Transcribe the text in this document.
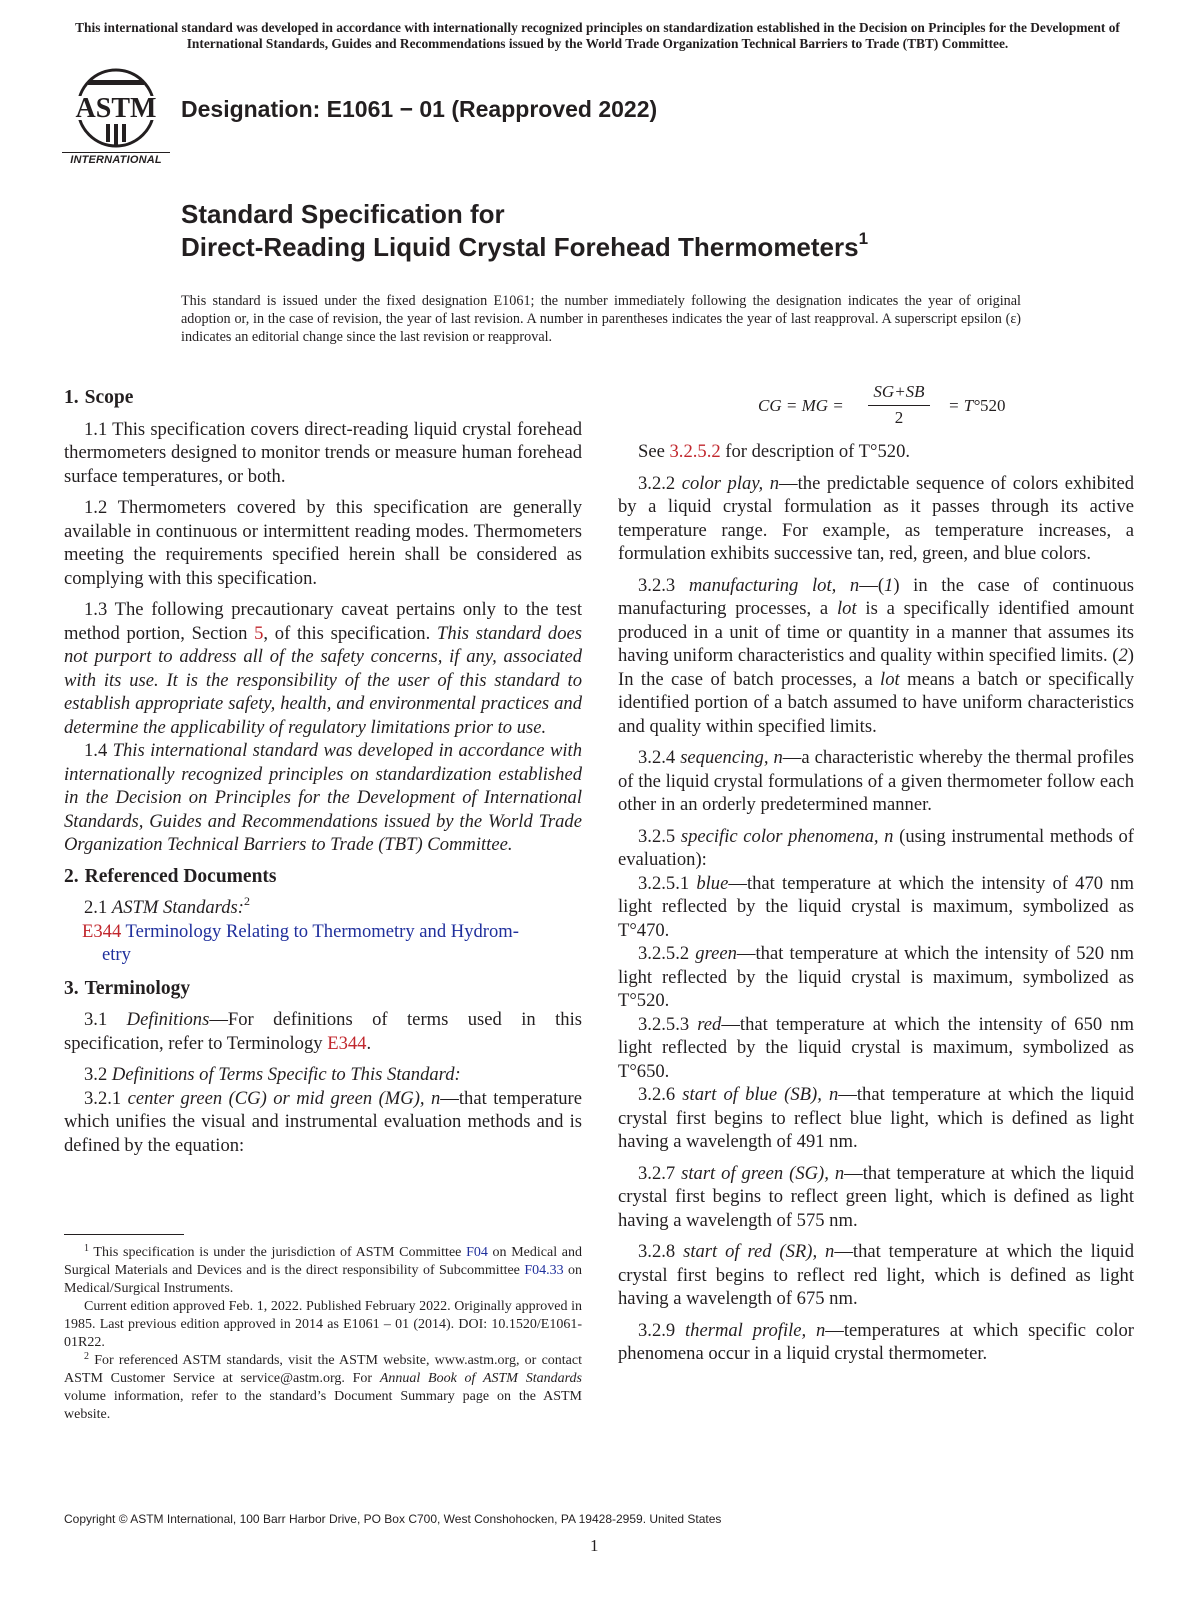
This international standard was developed in accordance with internationally recognized principles on standardization established in the Decision on Principles for the Development of International Standards, Guides and Recommendations issued by the World Trade Organization Technical Barriers to Trade (TBT) Committee.
ASTM
INTERNATIONAL
Designation: E1061 − 01 (Reapproved 2022)
Standard Specification for
Direct-Reading Liquid Crystal Forehead Thermometers$^1$
This standard is issued under the fixed designation E1061; the number immediately following the designation indicates the year of original adoption or, in the case of revision, the year of last revision. A number in parentheses indicates the year of last reapproval. A superscript epsilon (ε) indicates an editorial change since the last revision or reapproval.
1. Scope

1.1 This specification covers direct-reading liquid crystal forehead thermometers designed to monitor trends or measure human forehead surface temperatures, or both.

1.2 Thermometers covered by this specification are generally available in continuous or intermittent reading modes. Thermometers meeting the requirements specified herein shall be considered as complying with this specification.

1.3 The following precautionary caveat pertains only to the test method portion, Section 5, of this specification. This standard does not purport to address all of the safety concerns, if any, associated with its use. It is the responsibility of the user of this standard to establish appropriate safety, health, and environmental practices and determine the applicability of regulatory limitations prior to use.

1.4 This international standard was developed in accordance with internationally recognized principles on standardization established in the Decision on Principles for the Development of International Standards, Guides and Recommendations issued by the World Trade Organization Technical Barriers to Trade (TBT) Committee.

2. Referenced Documents

2.1 ASTM Standards:$^2$

E344 Terminology Relating to Thermometry and Hydrom-
etry
3. Terminology

3.1 Definitions—For definitions of terms used in this specification, refer to Terminology E344.

3.2 Definitions of Terms Specific to This Standard:

3.2.1 center green (CG) or mid green (MG), n—that temperature which unifies the visual and instrumental evaluation methods and is defined by the equation:

$^1$ This specification is under the jurisdiction of ASTM Committee F04 on Medical and Surgical Materials and Devices and is the direct responsibility of Subcommittee F04.33 on Medical/Surgical Instruments.

Current edition approved Feb. 1, 2022. Published February 2022. Originally approved in 1985. Last previous edition approved in 2014 as E1061 – 01 (2014). DOI: 10.1520/E1061-01R22.

$^2$ For referenced ASTM standards, visit the ASTM website, www.astm.org, or contact ASTM Customer Service at service@astm.org. For Annual Book of ASTM Standards volume information, refer to the standard’s Document Summary page on the ASTM website.

CG = MG = $\frac{SG+SB}{2} = T^\circ 520$

See 3.2.5.2 for description of T°520.

3.2.2 color play, n—the predictable sequence of colors exhibited by a liquid crystal formulation as it passes through its active temperature range. For example, as temperature increases, a formulation exhibits successive tan, red, green, and blue colors.

3.2.3 manufacturing lot, n—(1) in the case of continuous manufacturing processes, a lot is a specifically identified amount produced in a unit of time or quantity in a manner that assumes its having uniform characteristics and quality within specified limits. (2) In the case of batch processes, a lot means a batch or specifically identified portion of a batch assumed to have uniform characteristics and quality within specified limits.

3.2.4 sequencing, n—a characteristic whereby the thermal profiles of the liquid crystal formulations of a given thermometer follow each other in an orderly predetermined manner.

3.2.5 specific color phenomena, n (using instrumental methods of evaluation):

3.2.5.1 blue—that temperature at which the intensity of 470 nm light reflected by the liquid crystal is maximum, symbolized as T°470.

3.2.5.2 green—that temperature at which the intensity of 520 nm light reflected by the liquid crystal is maximum, symbolized as T°520.

3.2.5.3 red—that temperature at which the intensity of 650 nm light reflected by the liquid crystal is maximum, symbolized as T°650.

3.2.6 start of blue (SB), n—that temperature at which the liquid crystal first begins to reflect blue light, which is defined as light having a wavelength of 491 nm.

3.2.7 start of green (SG), n—that temperature at which the liquid crystal first begins to reflect green light, which is defined as light having a wavelength of 575 nm.

3.2.8 start of red (SR), n—that temperature at which the liquid crystal first begins to reflect red light, which is defined as light having a wavelength of 675 nm.

3.2.9 thermal profile, n—temperatures at which specific color phenomena occur in a liquid crystal thermometer.

Copyright © ASTM International, 100 Barr Harbor Drive, PO Box C700, West Conshohocken, PA 19428-2959. United States
1
